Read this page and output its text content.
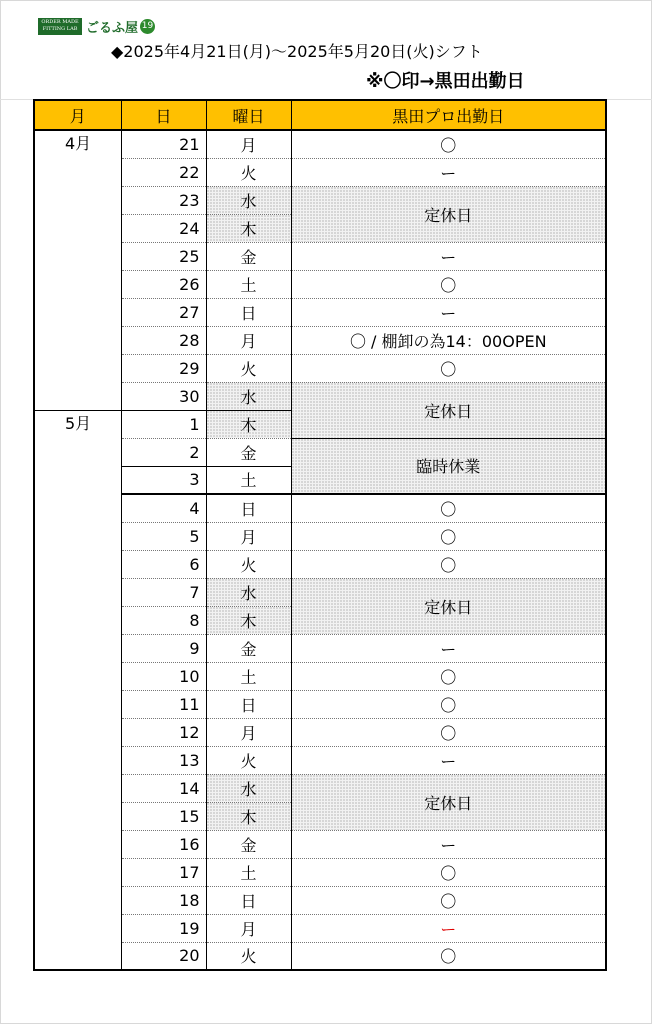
ORDER MADE FITTING LAB ごるふ屋 19
◆2025年4月21日(月)～2025年5月20日(火)シフト
※〇印→黒田出勤日
月	日	曜日	黒田プロ出勤日
4月	21	月	〇
	22	火	ー
	23	水	定休日
	24	木	
	25	金	ー
	26	土	〇
	27	日	ー
	28	月	〇 / 棚卸の為14：00OPEN
	29	火	〇
	30	水	定休日
5月	1	木	
	2	金	臨時休業
	3	土	
	4	日	〇
	5	月	〇
	6	火	〇
	7	水	定休日
	8	木	
	9	金	ー
	10	土	〇
	11	日	〇
	12	月	〇
	13	火	ー
	14	水	定休日
	15	木	
	16	金	ー
	17	土	〇
	18	日	〇
	19	月	ー
	20	火	〇
